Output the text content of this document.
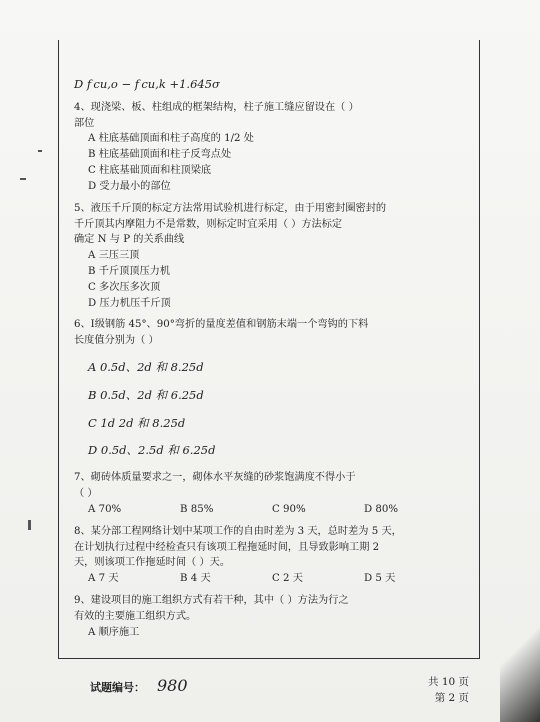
D f cu,o − f cu,k +1.645σ
4、现浇梁、板、柱组成的框架结构，柱子施工缝应留设在（ ）
部位
A 柱底基础顶面和柱子高度的 1/2 处
B 柱底基础顶面和柱子反弯点处
C 柱底基础顶面和柱顶梁底
D 受力最小的部位
5、液压千斤顶的标定方法常用试验机进行标定，由于用密封圈密封的
千斤顶其内摩阻力不是常数，则标定时宜采用（ ）方法标定
确定 N 与 P 的关系曲线
A 三压三顶
B 千斤顶顶压力机
C 多次压多次顶
D 压力机压千斤顶
6、Ⅰ级钢筋 45°、90°弯折的量度差值和钢筋末端一个弯钩的下料
长度值分别为（ ）
A 0.5d、2d 和 8.25d
B 0.5d、2d 和 6.25d
C 1d 2d 和 8.25d
D 0.5d、2.5d 和 6.25d
7、砌砖体质量要求之一，砌体水平灰缝的砂浆饱满度不得小于
（ ）
A 70%	B 85%	C 90%	D 80%
8、某分部工程网络计划中某项工作的自由时差为 3 天，总时差为 5 天，
在计划执行过程中经检查只有该项工程拖延时间，且导致影响工期 2
天，则该项工作拖延时间（ ）天。
A 7 天	B 4 天	C 2 天	D 5 天
9、建设项目的施工组织方式有若干种，其中（ ）方法为行之
有效的主要施工组织方式。
A 顺序施工
试题编号： 980	共 10 页
第 2 页
